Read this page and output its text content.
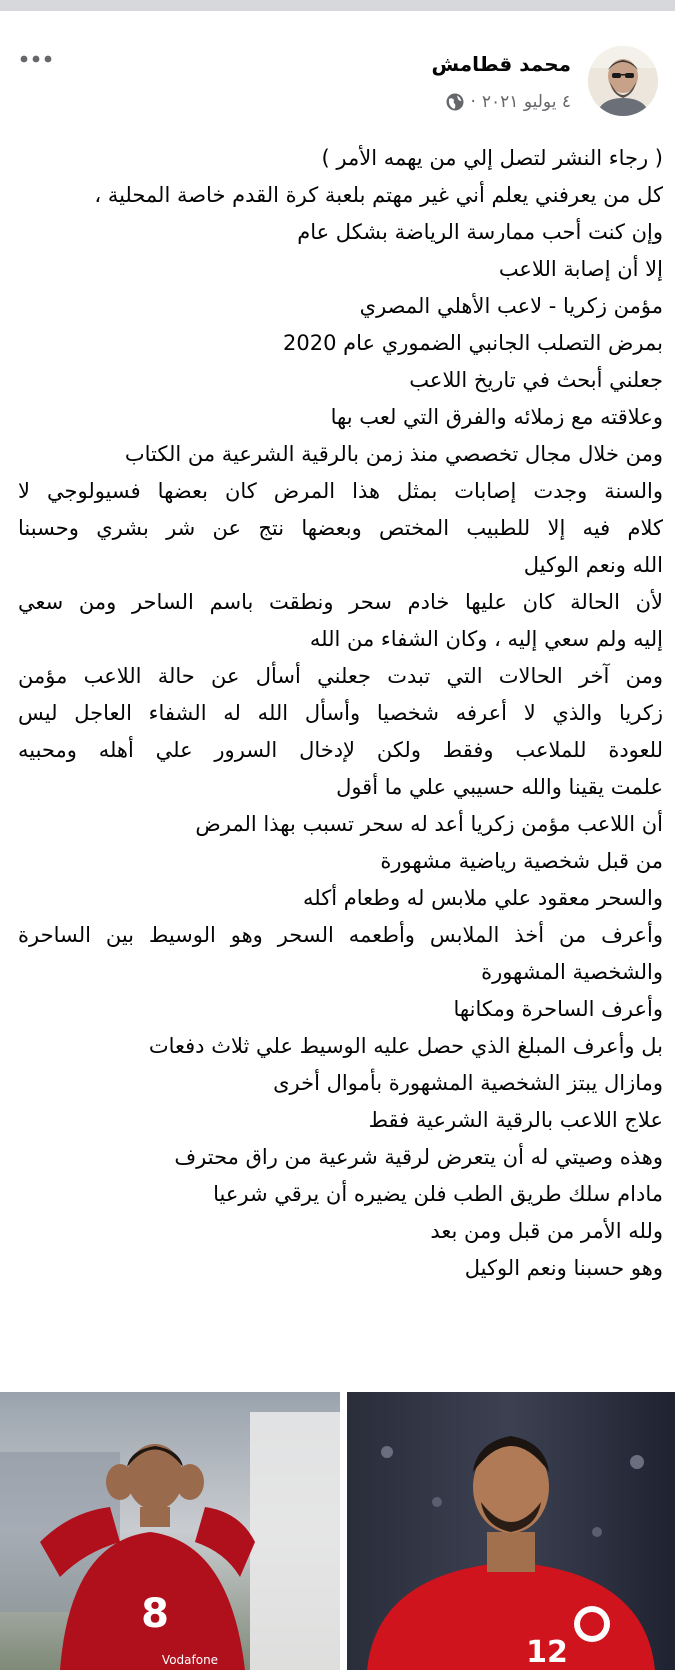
محمد قطامش
٤ يوليو ٢٠٢١
·
( رجاء النشر لتصل إلي من يهمه الأمر )
كل من يعرفني يعلم أني غير مهتم بلعبة كرة القدم خاصة المحلية ،
وإن كنت أحب ممارسة الرياضة بشكل عام
إلا أن إصابة اللاعب
مؤمن زكريا - لاعب الأهلي المصري
بمرض التصلب الجانبي الضموري عام 2020
جعلني أبحث في تاريخ اللاعب
وعلاقته مع زملائه والفرق التي لعب بها
ومن خلال مجال تخصصي منذ زمن بالرقية الشرعية من الكتاب
والسنة وجدت إصابات بمثل هذا المرض كان بعضها فسيولوجي لا
كلام فيه إلا للطبيب المختص وبعضها نتج عن شر بشري وحسبنا
الله ونعم الوكيل
لأن الحالة كان عليها خادم سحر ونطقت باسم الساحر ومن سعي
إليه ولم سعي إليه ، وكان الشفاء من الله
ومن آخر الحالات التي تبدت جعلني أسأل عن حالة اللاعب مؤمن
زكريا والذي لا أعرفه شخصيا وأسأل الله له الشفاء العاجل ليس
للعودة للملاعب وفقط ولكن لإدخال السرور علي أهله ومحبيه
علمت يقينا والله حسيبي علي ما أقول
أن اللاعب مؤمن زكريا أعد له سحر تسبب بهذا المرض
من قبل شخصية رياضية مشهورة
والسحر معقود علي ملابس له وطعام أكله
وأعرف من أخذ الملابس وأطعمه السحر وهو الوسيط بين الساحرة
والشخصية المشهورة
وأعرف الساحرة ومكانها
بل وأعرف المبلغ الذي حصل عليه الوسيط علي ثلاث دفعات
ومازال يبتز الشخصية المشهورة بأموال أخرى
علاج اللاعب بالرقية الشرعية فقط
وهذه وصيتي له أن يتعرض لرقية شرعية من راق محترف
مادام سلك طريق الطب فلن يضيره أن يرقي شرعيا
ولله الأمر من قبل ومن بعد
وهو حسبنا ونعم الوكيل
8
Vodafone	12
